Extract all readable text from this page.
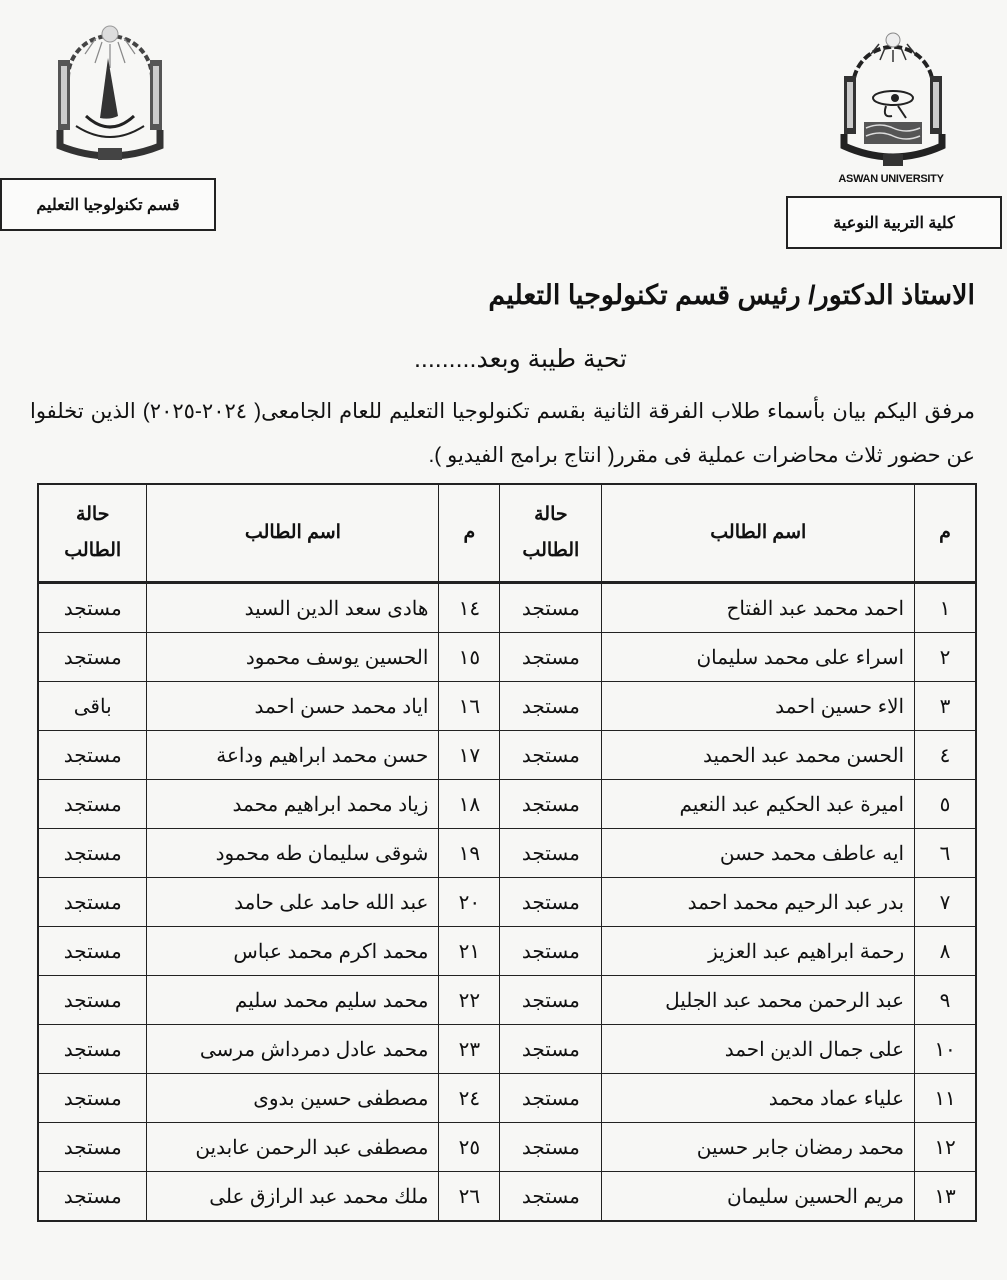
ASWAN UNIVERSITY
قسم تكنولوجيا التعليم
كلية التربية النوعية
الاستاذ الدكتور/ رئيس قسم تكنولوجيا التعليم
تحية طيبة وبعد.........
مرفق اليكم بيان بأسماء طلاب الفرقة الثانية بقسم تكنولوجيا التعليم للعام الجامعى( ٢٠٢٤-٢٠٢٥) الذين تخلفوا عن حضور ثلاث محاضرات عملية فى مقرر( انتاج برامج الفيديو ).
م	اسم الطالب	
حالة
الطالب
	م	اسم الطالب	
حالة
الطالب

١	احمد محمد عبد الفتاح	مستجد	١٤	هادى سعد الدين السيد	مستجد
٢	اسراء على محمد سليمان	مستجد	١٥	الحسين يوسف محمود	مستجد
٣	الاء حسين احمد	مستجد	١٦	اياد محمد حسن احمد	باقى
٤	الحسن محمد عبد الحميد	مستجد	١٧	حسن محمد ابراهيم وداعة	مستجد
٥	اميرة عبد الحكيم عبد النعيم	مستجد	١٨	زياد محمد ابراهيم محمد	مستجد
٦	ايه عاطف محمد حسن	مستجد	١٩	شوقى سليمان طه محمود	مستجد
٧	بدر عبد الرحيم محمد احمد	مستجد	٢٠	عبد الله حامد على حامد	مستجد
٨	رحمة ابراهيم عبد العزيز	مستجد	٢١	محمد اكرم محمد عباس	مستجد
٩	عبد الرحمن محمد عبد الجليل	مستجد	٢٢	محمد سليم محمد سليم	مستجد
١٠	على جمال الدين احمد	مستجد	٢٣	محمد عادل دمرداش مرسى	مستجد
١١	علياء عماد محمد	مستجد	٢٤	مصطفى حسين بدوى	مستجد
١٢	محمد رمضان جابر حسين	مستجد	٢٥	مصطفى عبد الرحمن عابدين	مستجد
١٣	مريم الحسين سليمان	مستجد	٢٦	ملك محمد عبد الرازق على	مستجد
